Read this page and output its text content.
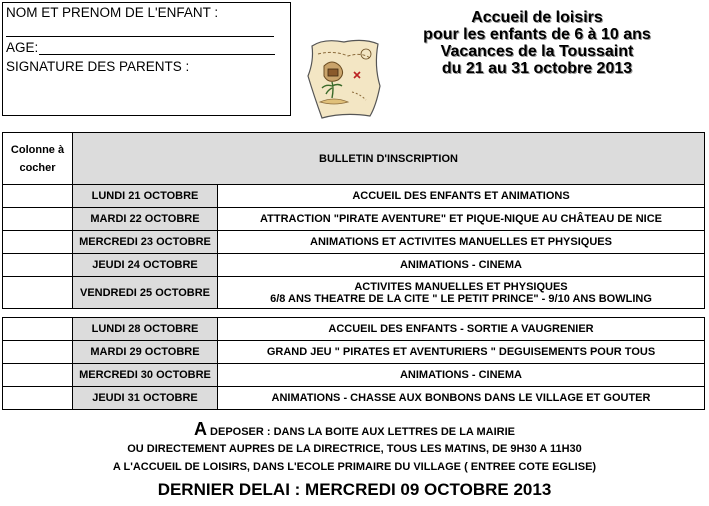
NOM ET PRENOM DE L'ENFANT :
AGE:
SIGNATURE DES PARENTS :
Accueil de loisirs
pour les enfants de 6 à 10 ans
Vacances de la Toussaint
du 21 au 31 octobre 2013
Colonne à cocher	BULLETIN D'INSCRIPTION	
	LUNDI 21 OCTOBRE	ACCUEIL DES ENFANTS ET ANIMATIONS
	MARDI 22 OCTOBRE	ATTRACTION "PIRATE AVENTURE" ET PIQUE-NIQUE AU CHÂTEAU DE NICE
	MERCREDI 23 OCTOBRE	ANIMATIONS ET ACTIVITES MANUELLES ET PHYSIQUES
	JEUDI 24 OCTOBRE	ANIMATIONS - CINEMA
	VENDREDI 25 OCTOBRE	ACTIVITES MANUELLES ET PHYSIQUES
6/8 ANS THEATRE DE LA CITE " LE PETIT PRINCE" - 9/10 ANS BOWLING
	LUNDI 28 OCTOBRE	ACCUEIL DES ENFANTS - SORTIE A VAUGRENIER
	MARDI 29 OCTOBRE	GRAND JEU " PIRATES ET AVENTURIERS " DEGUISEMENTS POUR TOUS
	MERCREDI 30 OCTOBRE	ANIMATIONS - CINEMA
	JEUDI 31 OCTOBRE	ANIMATIONS - CHASSE AUX BONBONS DANS LE VILLAGE ET GOUTER
A DEPOSER : DANS LA BOITE AUX LETTRES DE LA MAIRIE
OU DIRECTEMENT AUPRES DE LA DIRECTRICE, TOUS LES MATINS, DE 9H30 A 11H30
A L'ACCUEIL DE LOISIRS, DANS L'ECOLE PRIMAIRE DU VILLAGE ( ENTREE COTE EGLISE)
DERNIER DELAI : MERCREDI 09 OCTOBRE 2013
